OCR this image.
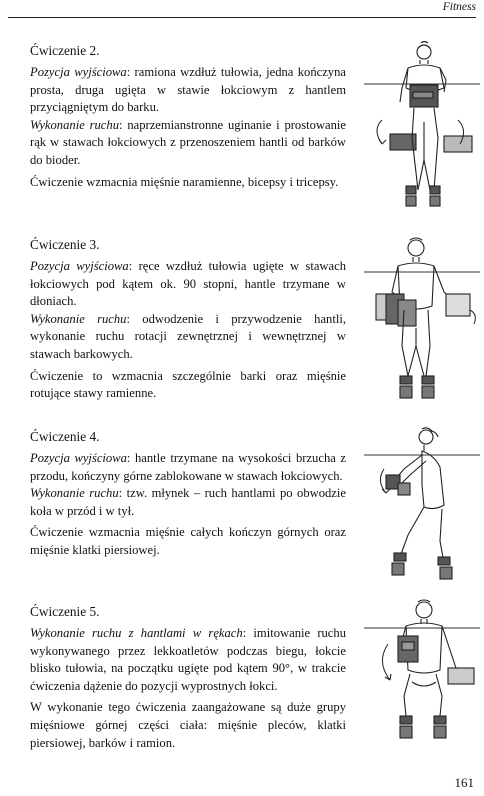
Fitness

Ćwiczenie 2.

Pozycja wyjściowa: ramiona wzdłuż tułowia, jedna kończyna prosta, druga ugięta w stawie łokciowym z hantlem przyciągniętym do barku.

Wykonanie ruchu: naprzemianstronne uginanie i prostowanie rąk w stawach łokciowych z przenoszeniem hantli od barków do bioder.

Ćwiczenie wzmacnia mięśnie naramienne, bicepsy i tricepsy.

Ćwiczenie 3.

Pozycja wyjściowa: ręce wzdłuż tułowia ugięte w stawach łokciowych pod kątem ok. 90 stopni, hantle trzymane w dłoniach.

Wykonanie ruchu: odwodzenie i przywodzenie hantli, wykonanie ruchu rotacji zewnętrznej i wewnętrznej w stawach barkowych.

Ćwiczenie to wzmacnia szczególnie barki oraz mięśnie rotujące stawy ramienne.

Ćwiczenie 4.

Pozycja wyjściowa: hantle trzymane na wysokości brzucha z przodu, kończyny górne zablokowane w stawach łokciowych.

Wykonanie ruchu: tzw. młynek – ruch hantlami po obwodzie koła w przód i w tył.

Ćwiczenie wzmacnia mięśnie całych kończyn górnych oraz mięśnie klatki piersiowej.

Ćwiczenie 5.

Wykonanie ruchu z hantlami w rękach: imitowanie ruchu wykonywanego przez lekkoatletów podczas biegu, łokcie blisko tułowia, na początku ugięte pod kątem 90°, w trakcie ćwiczenia dążenie do pozycji wyprostnych łokci.

W wykonanie tego ćwiczenia zaangażowane są duże grupy mięśniowe górnej części ciała: mięśnie pleców, klatki piersiowej, barków i ramion.

161
